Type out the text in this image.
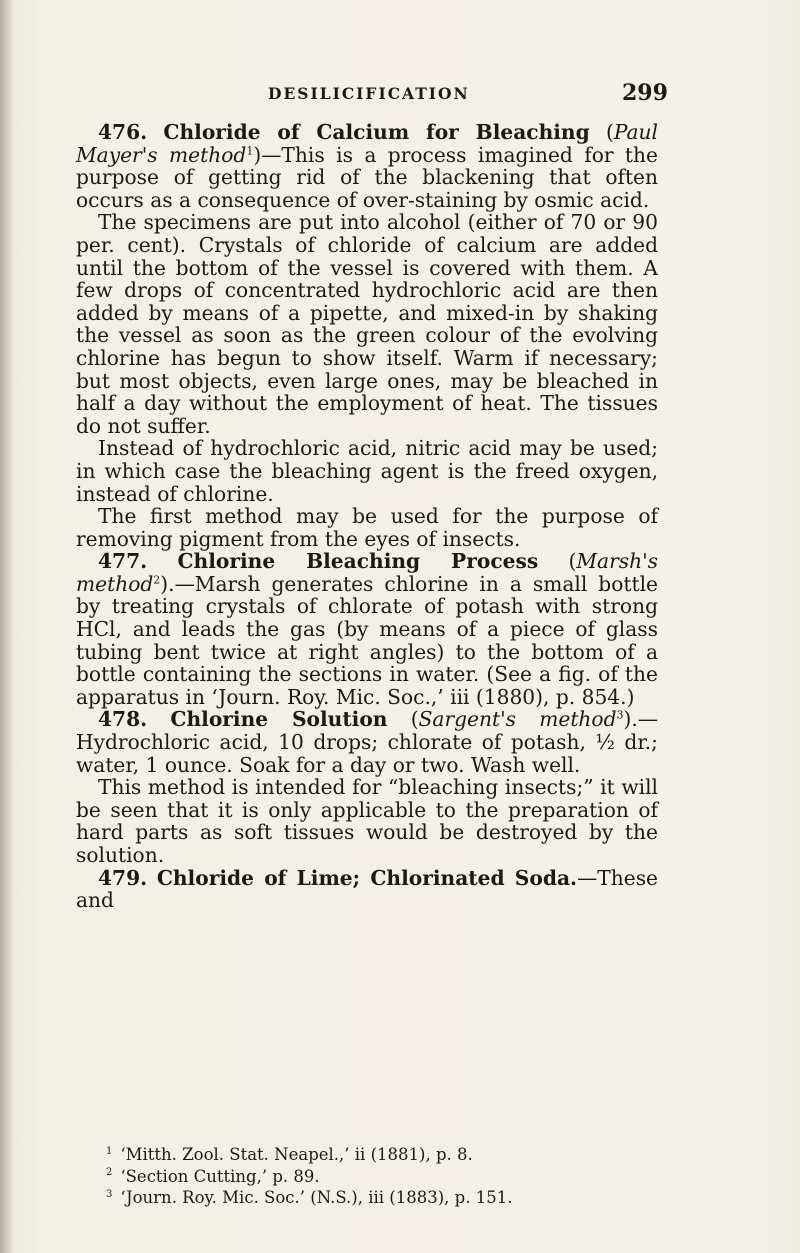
DESILICIFICATION	299

476. Chloride of Calcium for Bleaching (Paul Mayer's method$^1$)—This is a process imagined for the purpose of getting rid of the blackening that often occurs as a consequence of over-staining by osmic acid.

The specimens are put into alcohol (either of 70 or 90 per. cent). Crystals of chloride of calcium are added until the bottom of the vessel is covered with them. A few drops of concentrated hydrochloric acid are then added by means of a pipette, and mixed-in by shaking the vessel as soon as the green colour of the evolving chlorine has begun to show itself. Warm if necessary; but most objects, even large ones, may be bleached in half a day without the employment of heat. The tissues do not suffer.

Instead of hydrochloric acid, nitric acid may be used; in which case the bleaching agent is the freed oxygen, instead of chlorine.

The first method may be used for the purpose of removing pigment from the eyes of insects.

477. Chlorine Bleaching Process (Marsh's method$^2$).—Marsh generates chlorine in a small bottle by treating crystals of chlorate of potash with strong HCl, and leads the gas (by means of a piece of glass tubing bent twice at right angles) to the bottom of a bottle containing the sections in water. (See a fig. of the apparatus in ‘Journ. Roy. Mic. Soc.,’ iii (1880), p. 854.)

478. Chlorine Solution (Sargent's method$^3$).—Hydrochloric acid, 10 drops; chlorate of potash, ½ dr.; water, 1 ounce. Soak for a day or two. Wash well.

This method is intended for “bleaching insects;” it will be seen that it is only applicable to the preparation of hard parts as soft tissues would be destroyed by the solution.

479. Chloride of Lime; Chlorinated Soda.—These and

$^1$ ‘Mitth. Zool. Stat. Neapel.,’ ii (1881), p. 8.
$^2$ ‘Section Cutting,’ p. 89.
$^3$ ‘Journ. Roy. Mic. Soc.’ (N.S.), iii (1883), p. 151.
